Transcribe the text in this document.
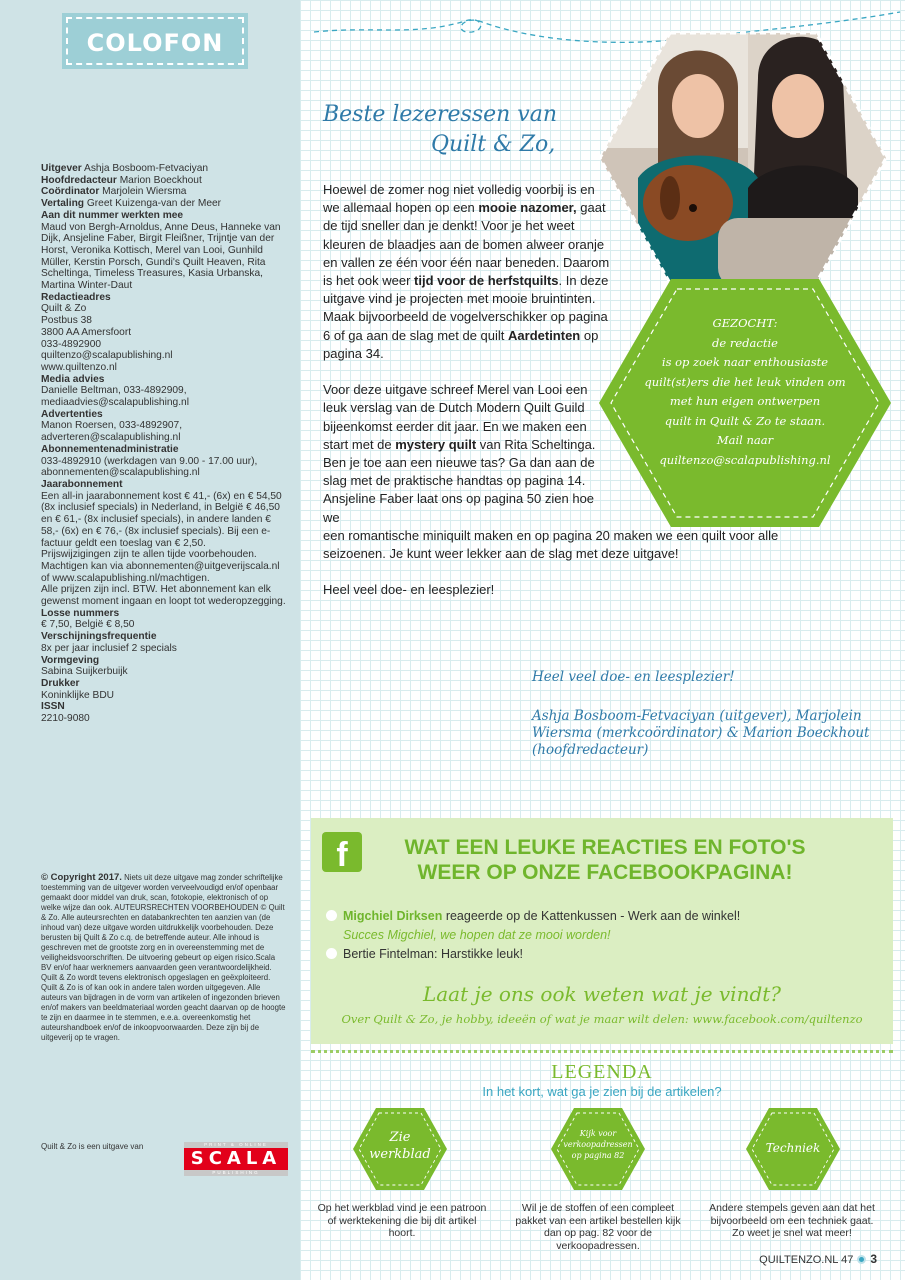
COLOFON
Uitgever Ashja Bosboom-Fetvaciyan
Hoofdredacteur Marion Boeckhout
Coördinator Marjolein Wiersma
Vertaling Greet Kuizenga-van der Meer
Aan dit nummer werkten mee
Maud von Bergh-Arnoldus, Anne Deus, Hanneke van Dijk, Ansjeline Faber, Birgit Fleißner, Trijntje van der Horst, Veronika Kottisch, Merel van Looi, Gunhild Müller, Kerstin Porsch, Gundi's Quilt Heaven, Rita Scheltinga, Timeless Treasures, Kasia Urbanska, Martina Winter-Daut
Redactieadres
Quilt & Zo
Postbus 38
3800 AA Amersfoort
033-4892900
quiltenzo@scalapublishing.nl
www.quiltenzo.nl
Media advies
Danielle Beltman, 033-4892909, mediaadvies@scalapublishing.nl
Advertenties
Manon Roersen, 033-4892907, adverteren@scalapublishing.nl
Abonnementenadministratie
033-4892910 (werkdagen van 9.00 - 17.00 uur), abonnementen@scalapublishing.nl
Jaarabonnement
Een all-in jaarabonnement kost € 41,- (6x) en € 54,50 (8x inclusief specials) in Nederland, in België € 46,50 en € 61,- (8x inclusief specials), in andere landen € 58,- (6x) en € 76,- (8x inclusief specials). Bij een e-factuur geldt een toeslag van € 2,50.
Prijswijzigingen zijn te allen tijde voorbehouden. Machtigen kan via abonnementen@uitgeverijscala.nl of www.scalapublishing.nl/machtigen.
Alle prijzen zijn incl. BTW. Het abonnement kan elk gewenst moment ingaan en loopt tot wederopzegging.
Losse nummers
€ 7,50, België € 8,50
Verschijningsfrequentie
8x per jaar inclusief 2 specials
Vormgeving
Sabina Suijkerbuijk
Drukker
Koninklijke BDU
ISSN
2210-9080
© Copyright 2017. Niets uit deze uitgave mag zonder schriftelijke toestemming van de uitgever worden verveelvoudigd en/of openbaar gemaakt door middel van druk, scan, fotokopie, elektronisch of op welke wijze dan ook. AUTEURSRECHTEN VOORBEHOUDEN © Quilt & Zo. Alle auteursrechten en databankrechten ten aanzien van (de inhoud van) deze uitgave worden uitdrukkelijk voorbehouden. Deze berusten bij Quilt & Zo c.q. de betreffende auteur. Alle inhoud is geschreven met de grootste zorg en in overeenstemming met de veiligheidsvoorschriften. De uitvoering gebeurt op eigen risico.Scala BV en/of haar werknemers aanvaarden geen verantwoordelijkheid. Quilt & Zo wordt tevens elektronisch opgeslagen en geëxploiteerd. Quilt & Zo is of kan ook in andere talen worden uitgegeven. Alle auteurs van bijdragen in de vorm van artikelen of ingezonden brieven en/of makers van beeldmateriaal worden geacht daarvan op de hoogte te zijn en daarmee in te stemmen, e.e.a. overeenkomstig het auteurshandboek en/of de inkoopvoorwaarden. Deze zijn bij de uitgeverij op te vragen.
Quilt & Zo is een uitgave van	PRINT & ONLINE
SCALA
PUBLISHING
Beste lezeressen van
Quilt & Zo,

Hoewel de zomer nog niet volledig voorbij is en we allemaal hopen op een mooie nazomer, gaat de tijd sneller dan je denkt! Voor je het weet kleuren de blaadjes aan de bomen alweer oranje en vallen ze één voor één naar beneden. Daarom is het ook weer tijd voor de herfstquilts. In deze uitgave vind je projecten met mooie bruintinten. Maak bijvoorbeeld de vogelverschikker op pagina 6 of ga aan de slag met de quilt Aardetinten op pagina 34.

Voor deze uitgave schreef Merel van Looi een leuk verslag van de Dutch Modern Quilt Guild bijeenkomst eerder dit jaar. En we maken een start met de mystery quilt van Rita Scheltinga. Ben je toe aan een nieuwe tas? Ga dan aan de slag met de praktische handtas op pagina 14. Ansjeline Faber laat ons op pagina 50 zien hoe we

een romantische miniquilt maken en op pagina 20 maken we een quilt voor alle seizoenen. Je kunt weer lekker aan de slag met deze uitgave!

Heel veel doe- en leesplezier!

GEZOCHT:
de redactie
is op zoek naar enthousiaste
quilt(st)ers die het leuk vinden om
met hun eigen ontwerpen
quilt in Quilt & Zo te staan.
Mail naar
quiltenzo@scalapublishing.nl
Heel veel doe- en leesplezier!
Ashja Bosboom-Fetvaciyan (uitgever), Marjolein Wiersma (merkcoördinator) & Marion Boeckhout (hoofdredacteur)
f	WAT EEN LEUKE REACTIES EN FOTO'S
WEER OP ONZE FACEBOOKPAGINA!
Migchiel Dirksen reageerde op de Kattenkussen - Werk aan de winkel!
Succes Migchiel, we hopen dat ze mooi worden!
Bertie Fintelman: Harstikke leuk!
Laat je ons ook weten wat je vindt?
Over Quilt & Zo, je hobby, ideeën of wat je maar wilt delen: www.facebook.com/quiltenzo
LEGENDA
In het kort, wat ga je zien bij de artikelen?
Zie
werkblad
Op het werkblad vind je een patroon of werktekening die bij dit artikel hoort.
Kijk voor verkoopadressen
op pagina 82
Wil je de stoffen of een compleet pakket van een artikel bestellen kijk dan op pag. 82 voor de verkoopadressen.
Techniek
Andere stempels geven aan dat het bijvoorbeeld om een techniek gaat. Zo weet je snel wat meer!
QUILTENZO.NL 47 3
